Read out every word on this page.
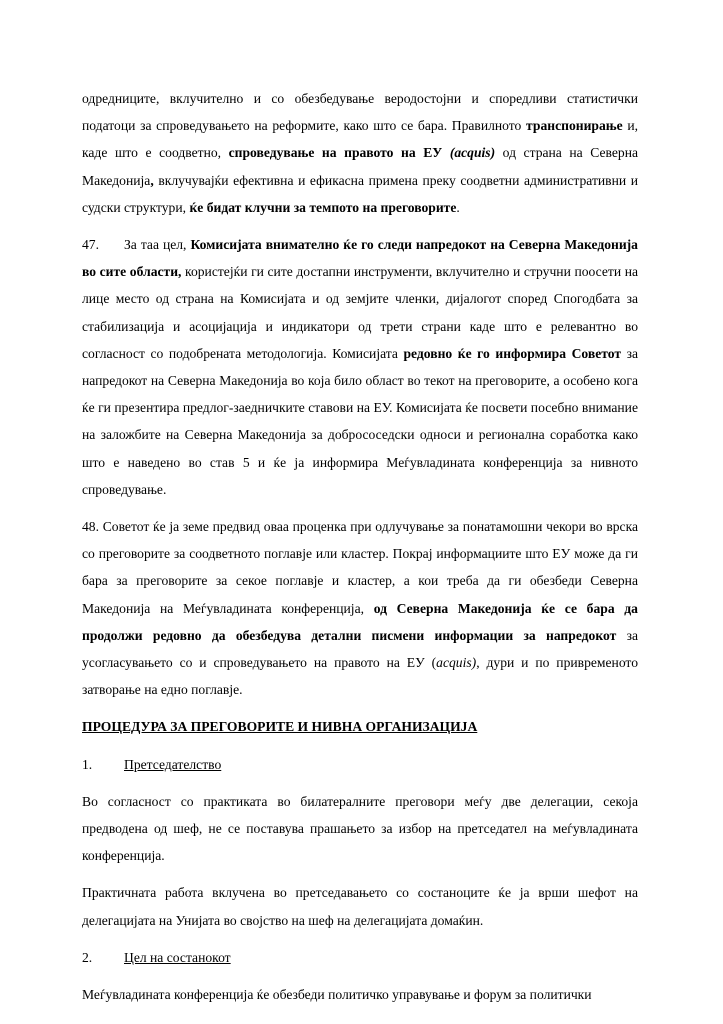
одредниците, вклучително и со обезбедување веродостојни и споредливи статистички податоци за спроведувањето на реформите, како што се бара. Правилното транспонирање и, каде што е соодветно, спроведување на правото на ЕУ (acquis) од страна на Северна Македонија, вклучувајќи ефективна и ефикасна примена преку соодветни административни и судски структури, ќе бидат клучни за темпото на преговорите.

47. За таа цел, Комисијата внимателно ќе го следи напредокот на Северна Македонија во сите области, користејќи ги сите достапни инструменти, вклучително и стручни поосети на лице место од страна на Комисијата и од земјите членки, дијалогот според Спогодбата за стабилизација и асоцијација и индикатори од трети страни каде што е релевантно во согласност со подобрената методологија. Комисијата редовно ќе го информира Советот за напредокот на Северна Македонија во која било област во текот на преговорите, а особено кога ќе ги презентира предлог-заедничките ставови на ЕУ. Комисијата ќе посвети посебно внимание на заложбите на Северна Македонија за добрососедски односи и регионална соработка како што е наведено во став 5 и ќе ја информира Меѓувладината конференција за нивното спроведување.

48. Советот ќе ја земе предвид оваа проценка при одлучување за понатамошни чекори во врска со преговорите за соодветното поглавје или кластер. Покрај информациите што ЕУ може да ги бара за преговорите за секое поглавје и кластер, а кои треба да ги обезбеди Северна Македонија на Меѓувладината конференција, од Северна Македонија ќе се бара да продолжи редовно да обезбедува детални писмени информации за напредокот за усогласувањето со и спроведувањето на правото на ЕУ (acquis), дури и по привременото затворање на едно поглавје.

ПРОЦЕДУРА ЗА ПРЕГОВОРИТЕ И НИВНА ОРГАНИЗАЦИЈА
1. Претседателство

Во согласност со практиката во билатералните преговори меѓу две делегации, секоја предводена од шеф, не се поставува прашањето за избор на претседател на меѓувладината конференција.

Практичната работа вклучена во претседавањето со состаноците ќе ја врши шефот на делегацијата на Унијата во својство на шеф на делегацијата домаќин.

2. Цел на состанокот

Меѓувладината конференција ќе обезбеди политичко управување и форум за политички
